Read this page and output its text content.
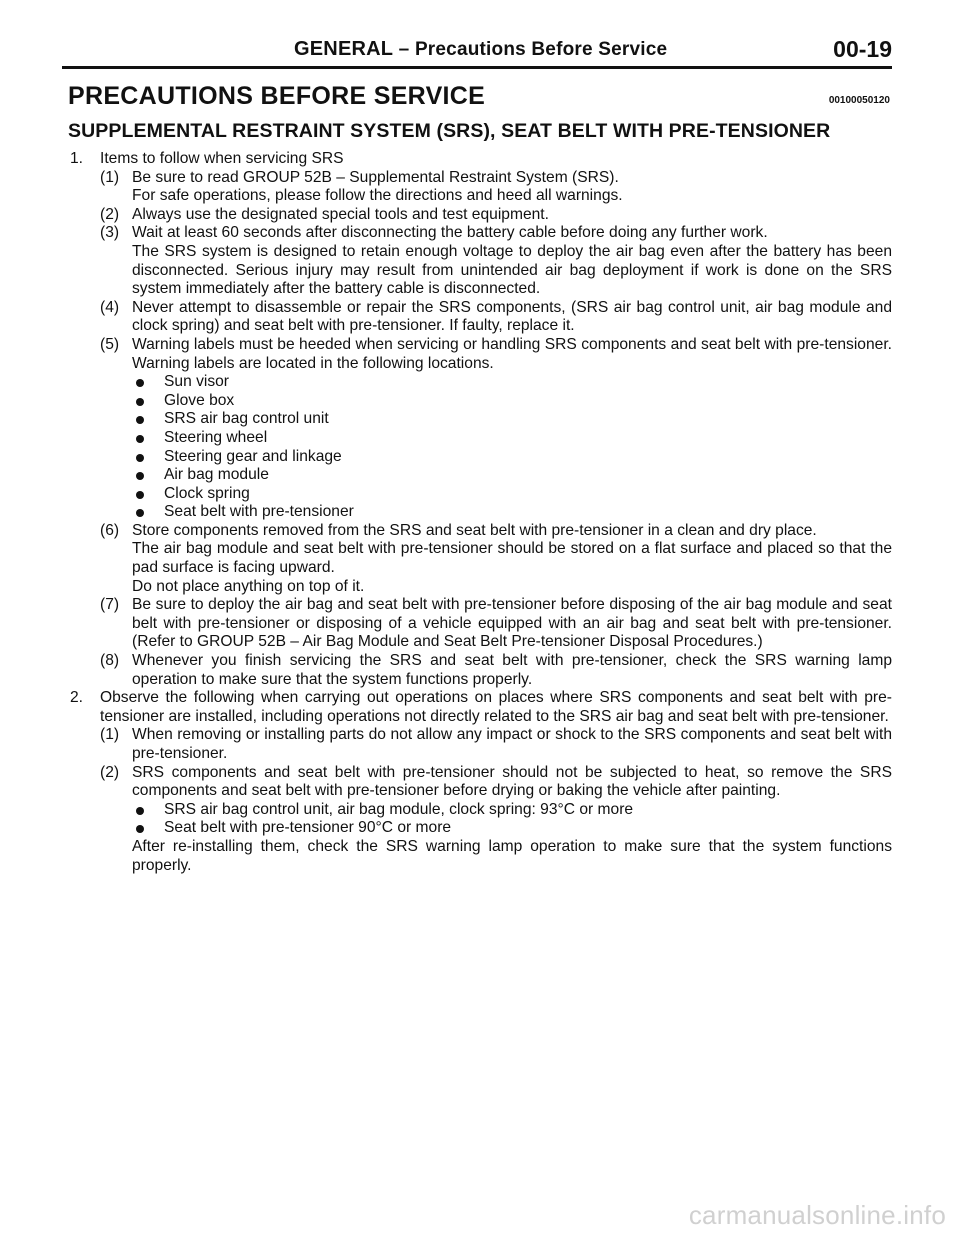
GENERAL – Precautions Before Service	00-19
PRECAUTIONS BEFORE SERVICE	00100050120
SUPPLEMENTAL RESTRAINT SYSTEM (SRS), SEAT BELT WITH PRE-TENSIONER
1. Items to follow when servicing SRS
(1) Be sure to read GROUP 52B – Supplemental Restraint System (SRS).
For safe operations, please follow the directions and heed all warnings.
(2) Always use the designated special tools and test equipment.
(3) Wait at least 60 seconds after disconnecting the battery cable before doing any further work.
The SRS system is designed to retain enough voltage to deploy the air bag even after the battery has been disconnected. Serious injury may result from unintended air bag deployment if work is done on the SRS system immediately after the battery cable is disconnected.
(4) Never attempt to disassemble or repair the SRS components, (SRS air bag control unit, air bag module and clock spring) and seat belt with pre-tensioner. If faulty, replace it.
(5) Warning labels must be heeded when servicing or handling SRS components and seat belt with pre-tensioner. Warning labels are located in the following locations.
Sun visor
Glove box
SRS air bag control unit
Steering wheel
Steering gear and linkage
Air bag module
Clock spring
Seat belt with pre-tensioner
(6) Store components removed from the SRS and seat belt with pre-tensioner in a clean and dry place.
The air bag module and seat belt with pre-tensioner should be stored on a flat surface and placed so that the pad surface is facing upward.
Do not place anything on top of it.
(7) Be sure to deploy the air bag and seat belt with pre-tensioner before disposing of the air bag module and seat belt with pre-tensioner or disposing of a vehicle equipped with an air bag and seat belt with pre-tensioner. (Refer to GROUP 52B – Air Bag Module and Seat Belt Pre-tensioner Disposal Procedures.)
(8) Whenever you finish servicing the SRS and seat belt with pre-tensioner, check the SRS warning lamp operation to make sure that the system functions properly.
2. Observe the following when carrying out operations on places where SRS components and seat belt with pre-tensioner are installed, including operations not directly related to the SRS air bag and seat belt with pre-tensioner.
(1) When removing or installing parts do not allow any impact or shock to the SRS components and seat belt with pre-tensioner.
(2) SRS components and seat belt with pre-tensioner should not be subjected to heat, so remove the SRS components and seat belt with pre-tensioner before drying or baking the vehicle after painting.
SRS air bag control unit, air bag module, clock spring: 93°C or more
Seat belt with pre-tensioner 90°C or more
After re-installing them, check the SRS warning lamp operation to make sure that the system functions properly.
carmanualsonline.info
